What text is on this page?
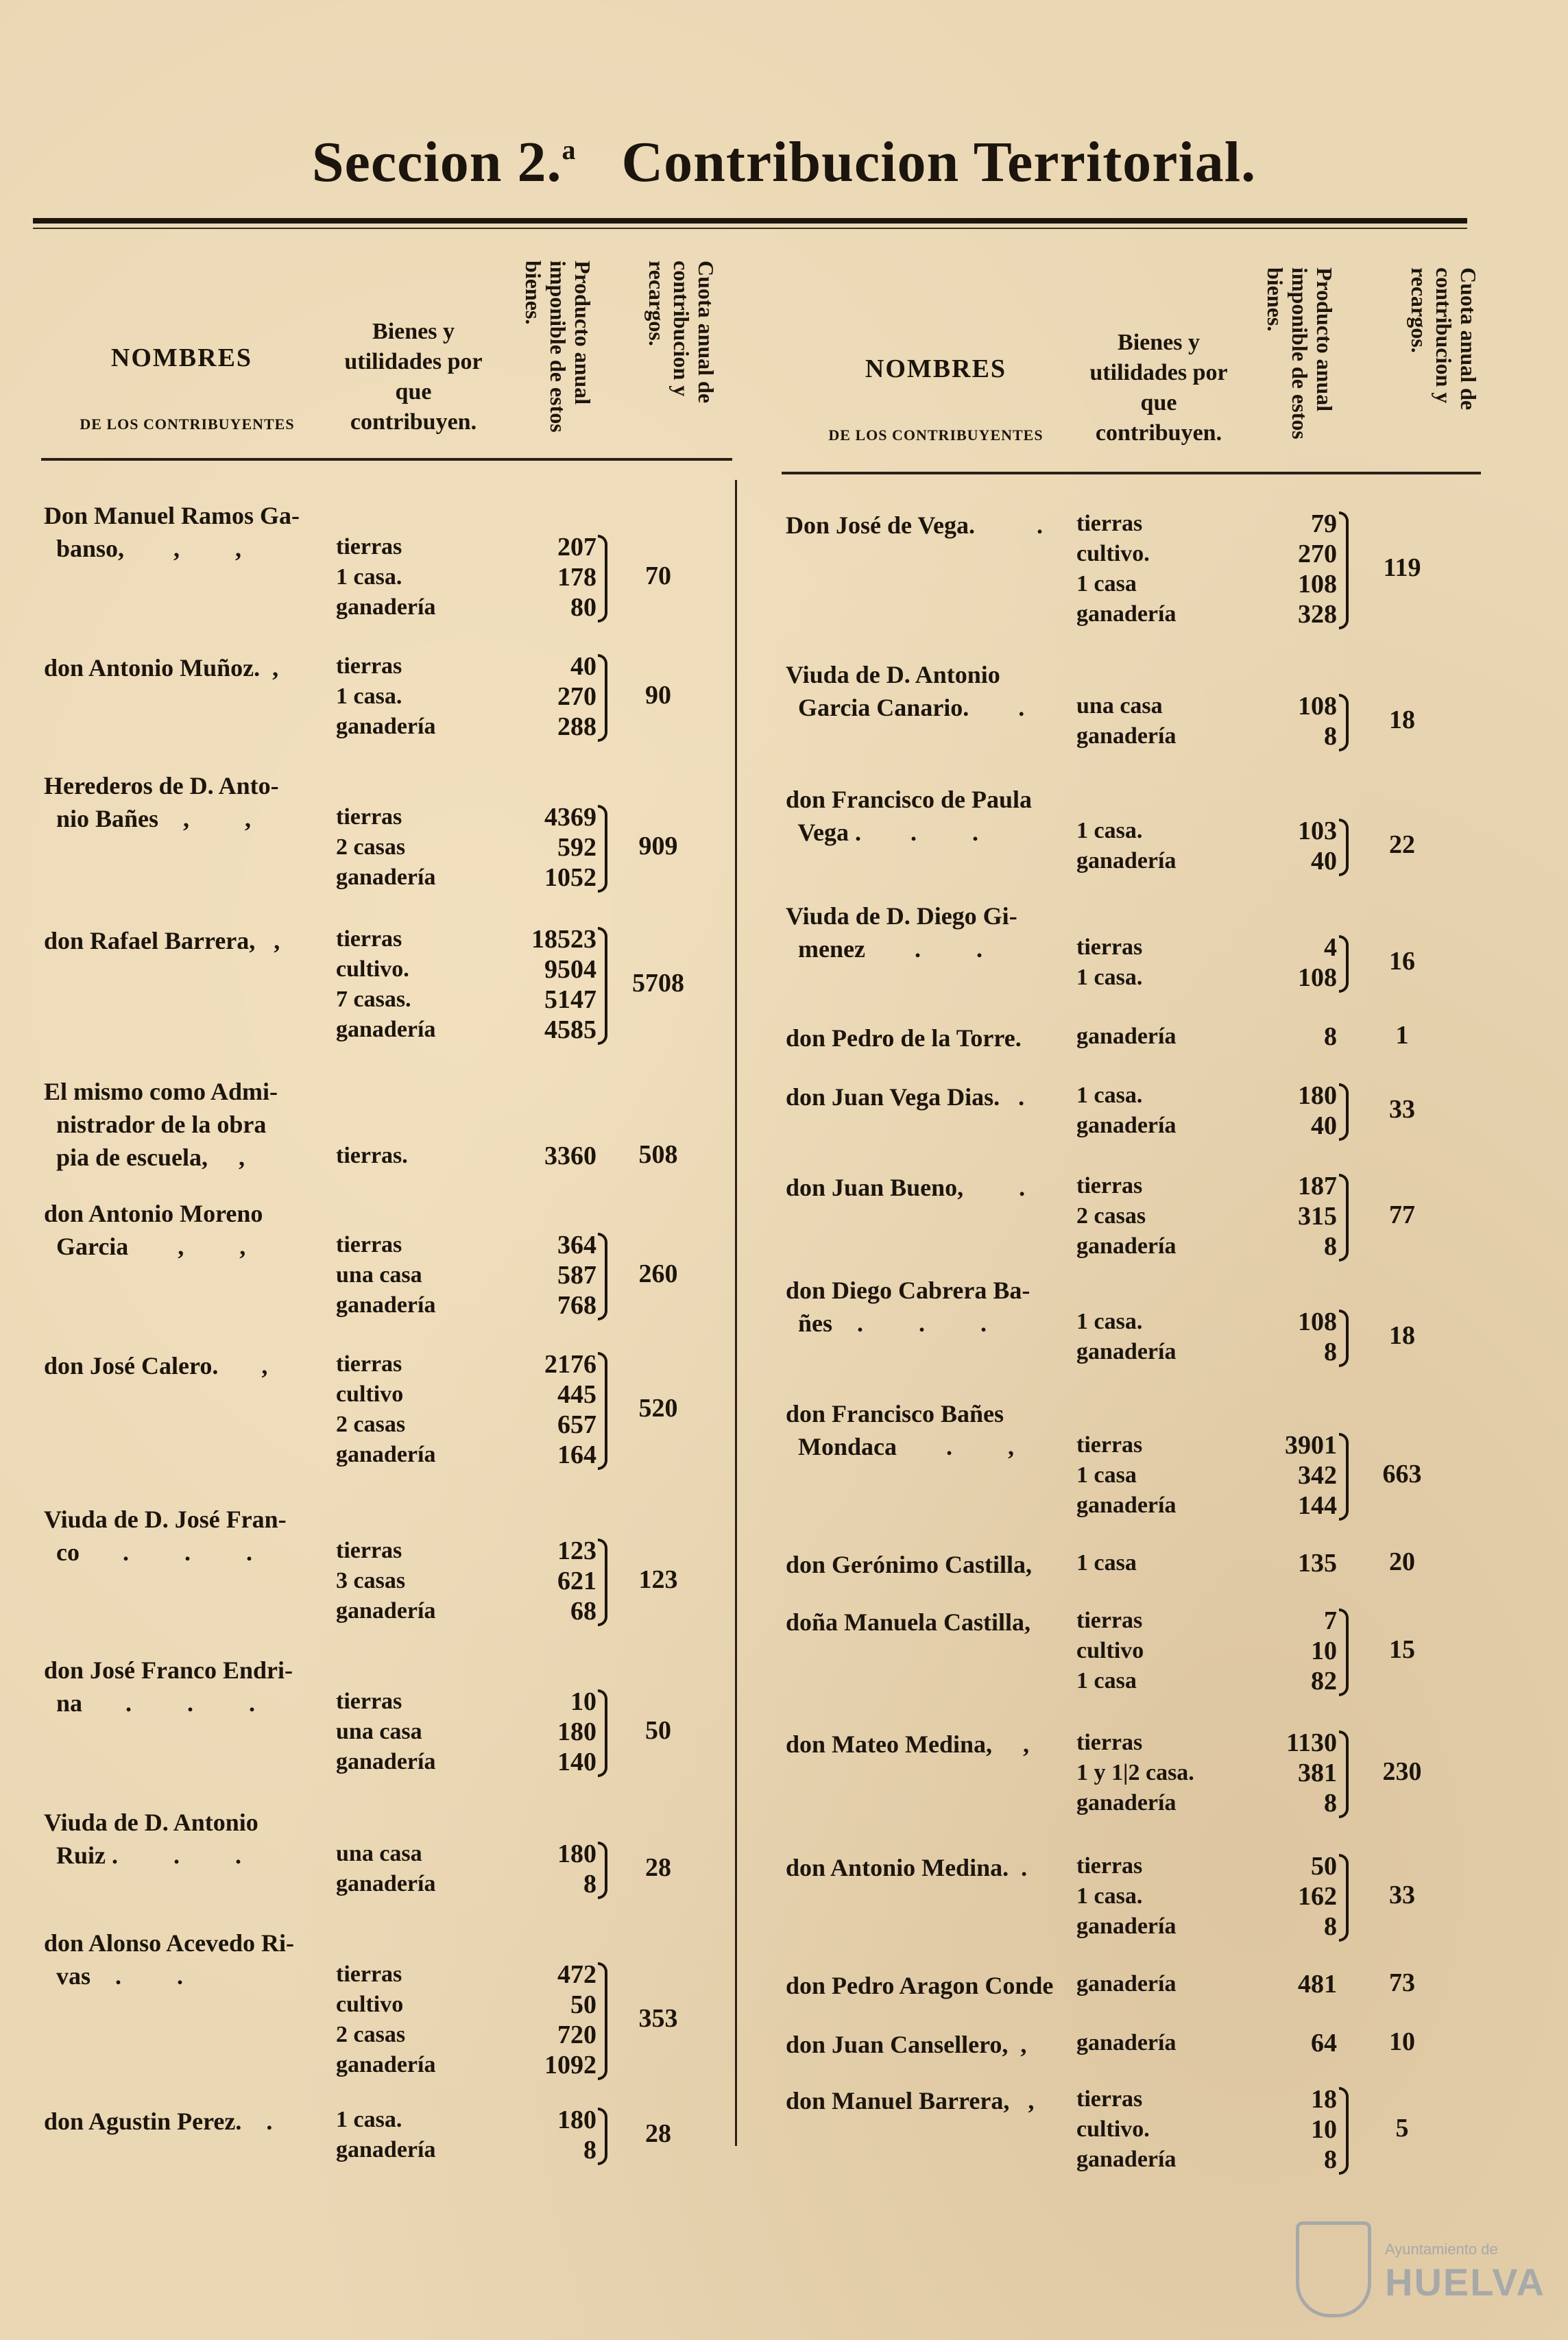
Seccion 2.$^a$ Contribucion Territorial.
NOMBRES
DE LOS CONTRIBUYENTES
Bienes y utilidades por que contribuyen.
Producto anual imponible de estos bienes.	Cuota anual de contribucion y recargos.
NOMBRES
DE LOS CONTRIBUYENTES
Bienes y utilidades por que contribuyen.
Producto anual imponible de estos bienes.	Cuota anual de contribucion y recargos.
Don Manuel Ramos Ga-
banso,        ,         ,	tierras	207
1 casa.	178
ganadería	80
70
don Antonio Muñoz.  , tierras	40
1 casa.	270
ganadería	288
90
Herederos de D. Anto-
nio Bañes    ,         ,	tierras	4369
2 casas	592
ganadería	1052
909
don Rafael Barrera,   , tierras	18523
cultivo.	9504
7 casas.	5147
ganadería	4585
5708
El mismo como Admi-
nistrador de la obra
pia de escuela,     ,	tierras.	3360	508
don Antonio Moreno
Garcia        ,         ,	tierras	364
una casa	587
ganadería	768
260
don José Calero.       ,	tierras	2176
cultivo	445
2 casas	657
ganadería	164
520
Viuda de D. José Fran-
co       .         .         .	tierras	123
3 casas	621
ganadería	68
123
don José Franco Endri-
na       .         .         .	tierras	10
una casa	180
ganadería	140
50
Viuda de D. Antonio
Ruiz .         .         .	una casa	180
ganadería	8
28
don Alonso Acevedo Ri-
vas    .         .	tierras	472
cultivo	50
2 casas	720
ganadería	1092
353
don Agustin Perez.    .	1 casa.	180
ganadería	8
28
Don José de Vega.          . tierras	79
cultivo.	270
1 casa	108
ganadería	328
119
Viuda de D. Antonio
Garcia Canario.        . una casa	108
ganadería	8
18
don Francisco de Paula
Vega .        .         .	1 casa.	103
ganadería	40
22
Viuda de D. Diego Gi-
menez        .         .	tierras	4
1 casa.	108
16
don Pedro de la Torre. ganadería	8	1
don Juan Vega Dias.   . 1 casa.	180
ganadería	40
33
don Juan Bueno,         . tierras	187
2 casas	315
ganadería	8
77
don Diego Cabrera Ba-
ñes    .         .         .	1 casa.	108
ganadería	8
18
don Francisco Bañes
Mondaca        .         ,	tierras	3901
1 casa	342
ganadería	144
663
don Gerónimo Castilla, 1 casa	135	20
doña Manuela Castilla, tierras	7
cultivo	10
1 casa	82
15
don Mateo Medina,     , tierras	1130
1 y 1|2 casa.	381
ganadería	8
230
don Antonio Medina.  . tierras	50
1 casa.	162
ganadería	8
33
don Pedro Aragon Conde ganadería	481	73
don Juan Cansellero,  , ganadería	64	10
don Manuel Barrera,   , tierras	18
cultivo.	10
ganadería	8
5
Ayuntamiento de
HUELVA
